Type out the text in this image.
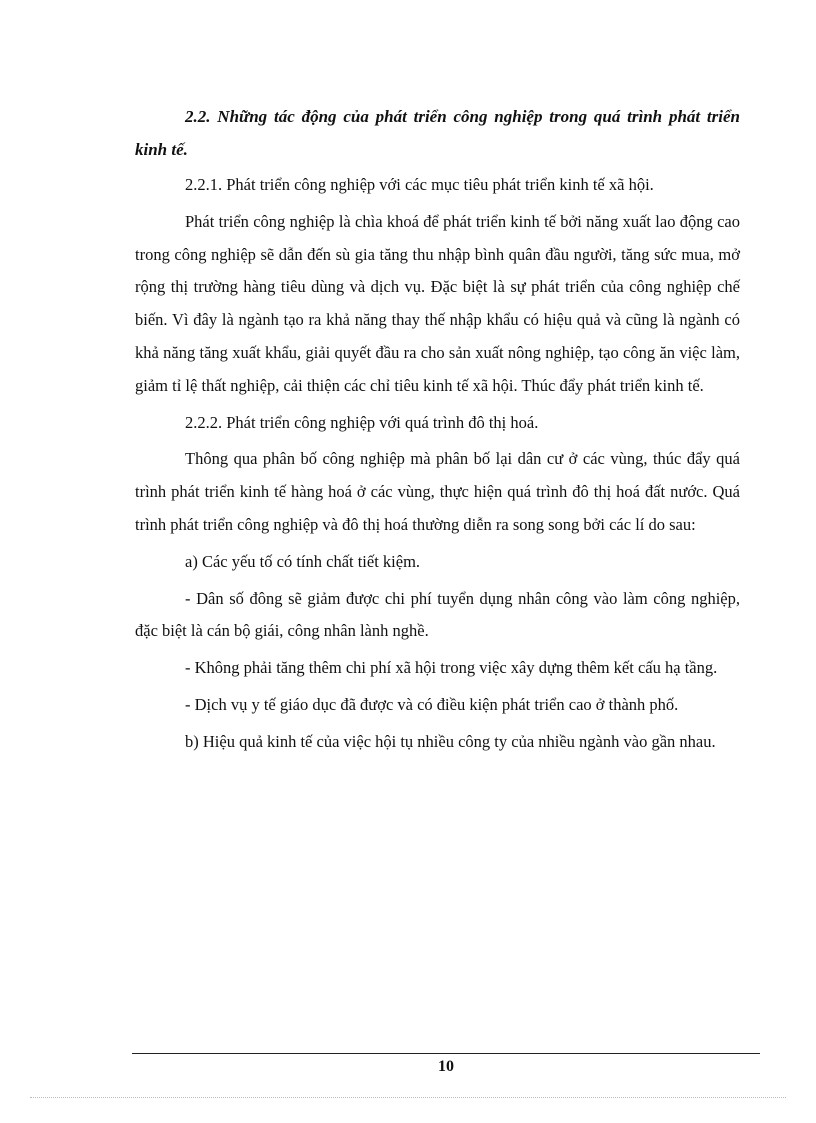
2.2. Những tác động của phát triển công nghiệp trong quá trình phát triển kinh tế.

2.2.1. Phát triển công nghiệp với các mục tiêu phát triển kinh tế xã hội.

Phát triển công nghiệp là chìa khoá để phát triển kinh tế bởi năng xuất lao động cao trong công nghiệp sẽ dẫn đến sù gia tăng thu nhập bình quân đầu người, tăng sức mua, mở rộng thị trường hàng tiêu dùng và dịch vụ. Đặc biệt là sự phát triển của công nghiệp chế biến. Vì đây là ngành tạo ra khả năng thay thế nhập khẩu có hiệu quả và cũng là ngành có khả năng tăng xuất khẩu, giải quyết đầu ra cho sản xuất nông nghiệp, tạo công ăn việc làm, giảm tỉ lệ thất nghiệp, cải thiện các chỉ tiêu kinh tế xã hội. Thúc đẩy phát triển kinh tế.

2.2.2. Phát triển công nghiệp với quá trình đô thị hoá.

Thông qua phân bố công nghiệp mà phân bố lại dân cư ở các vùng, thúc đẩy quá trình phát triển kinh tế hàng hoá ở các vùng, thực hiện quá trình đô thị hoá đất nước. Quá trình phát triển công nghiệp và đô thị hoá thường diễn ra song song bởi các lí do sau:

a) Các yếu tố có tính chất tiết kiệm.

- Dân số đông sẽ giảm được chi phí tuyển dụng nhân công vào làm công nghiệp, đặc biệt là cán bộ giái, công nhân lành nghề.

- Không phải tăng thêm chi phí xã hội trong việc xây dựng thêm kết cấu hạ tầng.

- Dịch vụ y tế giáo dục đã được và có điều kiện phát triển cao ở thành phố.

b) Hiệu quả kinh tế của việc hội tụ nhiều công ty của nhiều ngành vào gần nhau.

10
